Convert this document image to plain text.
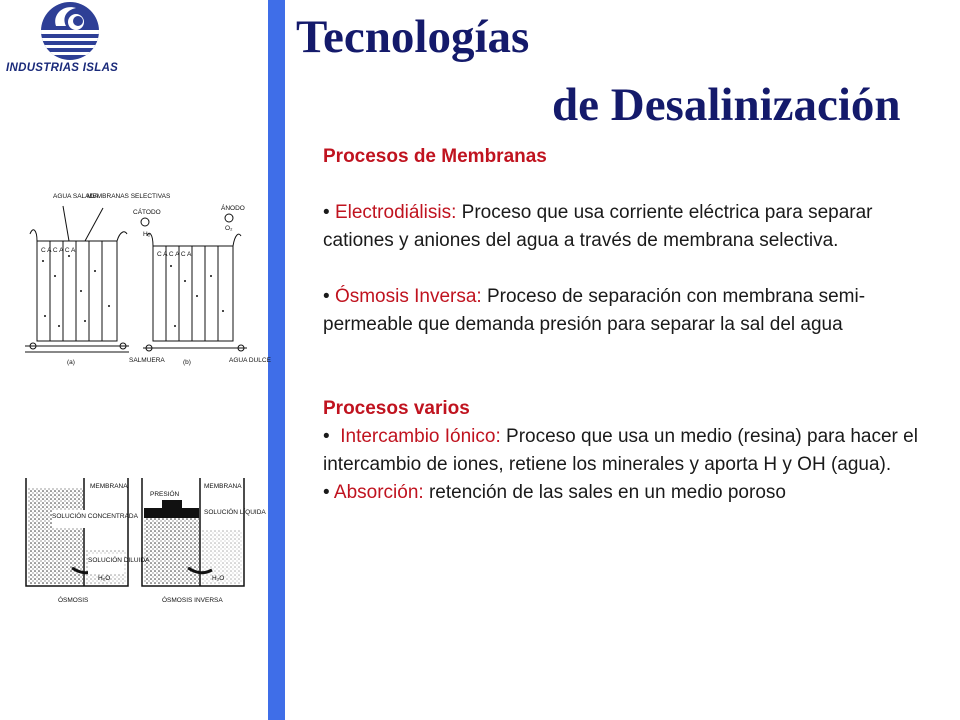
INDUSTRIAS ISLAS
Tecnologías
de Desalinización
AGUA SALADA
MEMBRANAS SELECTIVAS
CÁTODO
ÁNODO
H₂
O₂
C A C A C A
C A C A C A
(a)	(b)
SALMUERA	AGUA DULCE
MEMBRANA
SOLUCIÓN CONCENTRADA
SOLUCIÓN DILUIDA
H₂O
ÓSMOSIS
PRESIÓN
MEMBRANA
SOLUCIÓN LÍQUIDA
H₂O
ÓSMOSIS INVERSA

Procesos de Membranas

• Electrodiálisis: Proceso que usa corriente eléctrica para separar cationes y aniones del agua a través de membrana selectiva.

• Ósmosis Inversa: Proceso de separación con membrana semi-permeable que demanda presión para separar la sal del agua

Procesos varios

• Intercambio Iónico: Proceso que usa un medio (resina) para hacer el intercambio de iones, retiene los minerales y aporta H y OH (agua).

• Absorción: retención de las sales en un medio poroso
